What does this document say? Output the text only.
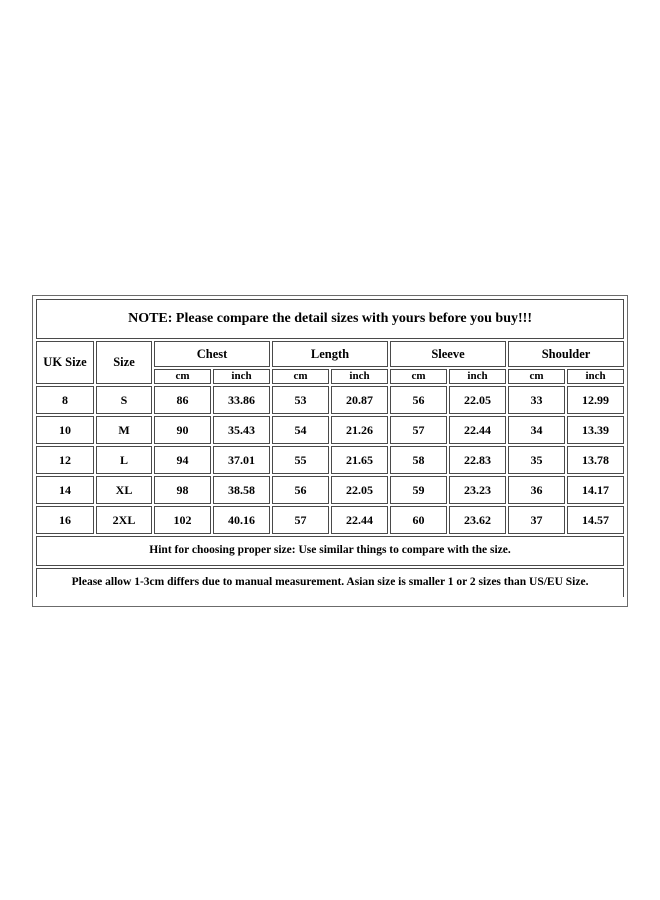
NOTE: Please compare the detail sizes with yours before you buy!!!									
UK Size	Size	Chest		Length		Sleeve		Shoulder	
		cm	inch	cm	inch	cm	inch	cm	inch
8	S	86	33.86	53	20.87	56	22.05	33	12.99
10	M	90	35.43	54	21.26	57	22.44	34	13.39
12	L	94	37.01	55	21.65	58	22.83	35	13.78
14	XL	98	38.58	56	22.05	59	23.23	36	14.17
16	2XL	102	40.16	57	22.44	60	23.62	37	14.57
Hint for choosing proper size: Use similar things to compare with the size.									
Please allow 1-3cm differs due to manual measurement. Asian size is smaller 1 or 2 sizes than US/EU Size.									
